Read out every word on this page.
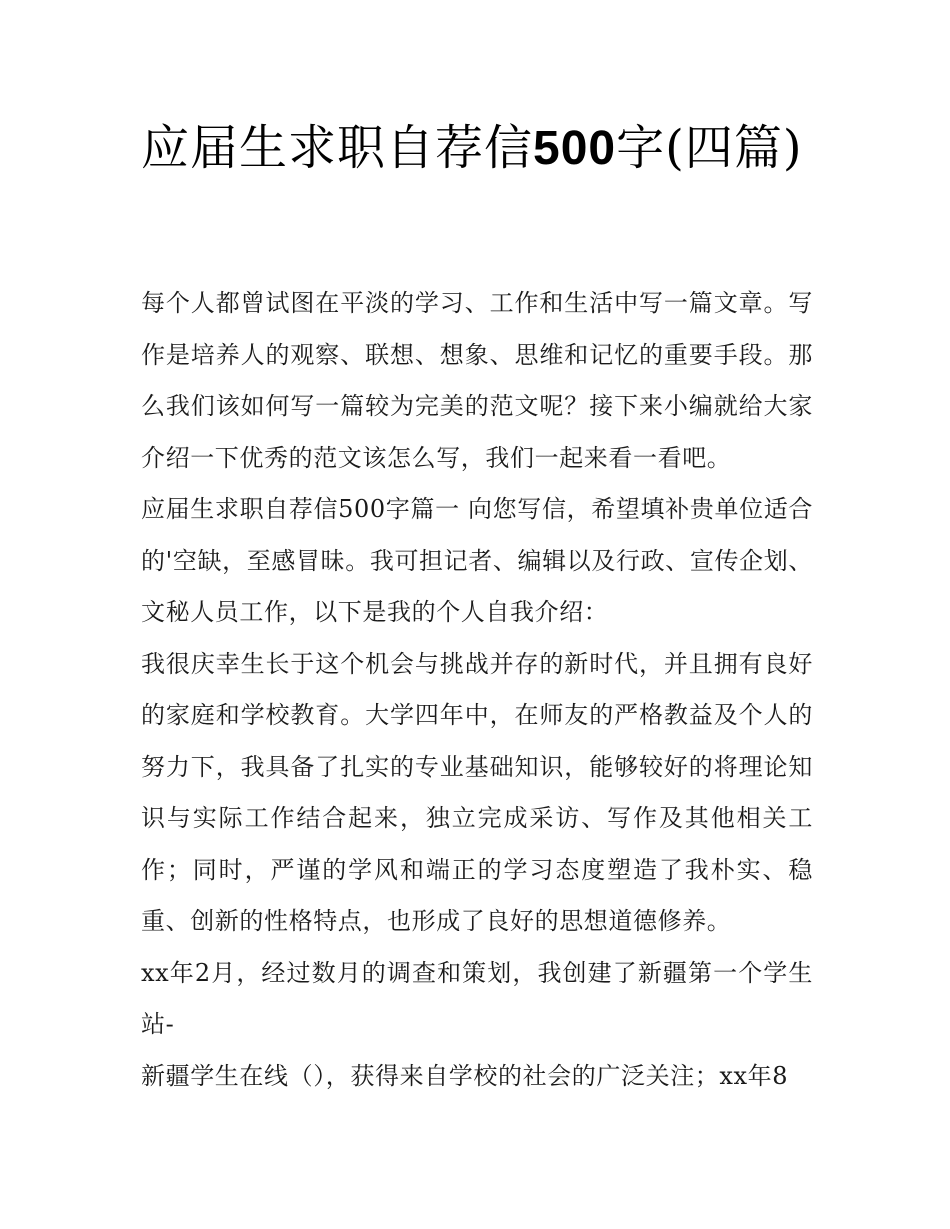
应届生求职自荐信500字(四篇)

每个人都曾试图在平淡的学习、工作和生活中写一篇文章。写作是培养人的观察、联想、想象、思维和记忆的重要手段。那么我们该如何写一篇较为完美的范文呢？接下来小编就给大家介绍一下优秀的范文该怎么写，我们一起来看一看吧。

应届生求职自荐信500字篇一 向您写信，希望填补贵单位适合的'空缺，至感冒昧。我可担记者、编辑以及行政、宣传企划、文秘人员工作，以下是我的个人自我介绍：

我很庆幸生长于这个机会与挑战并存的新时代，并且拥有良好的家庭和学校教育。大学四年中，在师友的严格教益及个人的努力下，我具备了扎实的专业基础知识，能够较好的将理论知识与实际工作结合起来，独立完成采访、写作及其他相关工作；同时，严谨的学风和端正的学习态度塑造了我朴实、稳重、创新的性格特点，也形成了良好的思想道德修养。

xx年2月，经过数月的调查和策划，我创建了新疆第一个学生站-

新疆学生在线（），获得来自学校的社会的广泛关注；xx年8
